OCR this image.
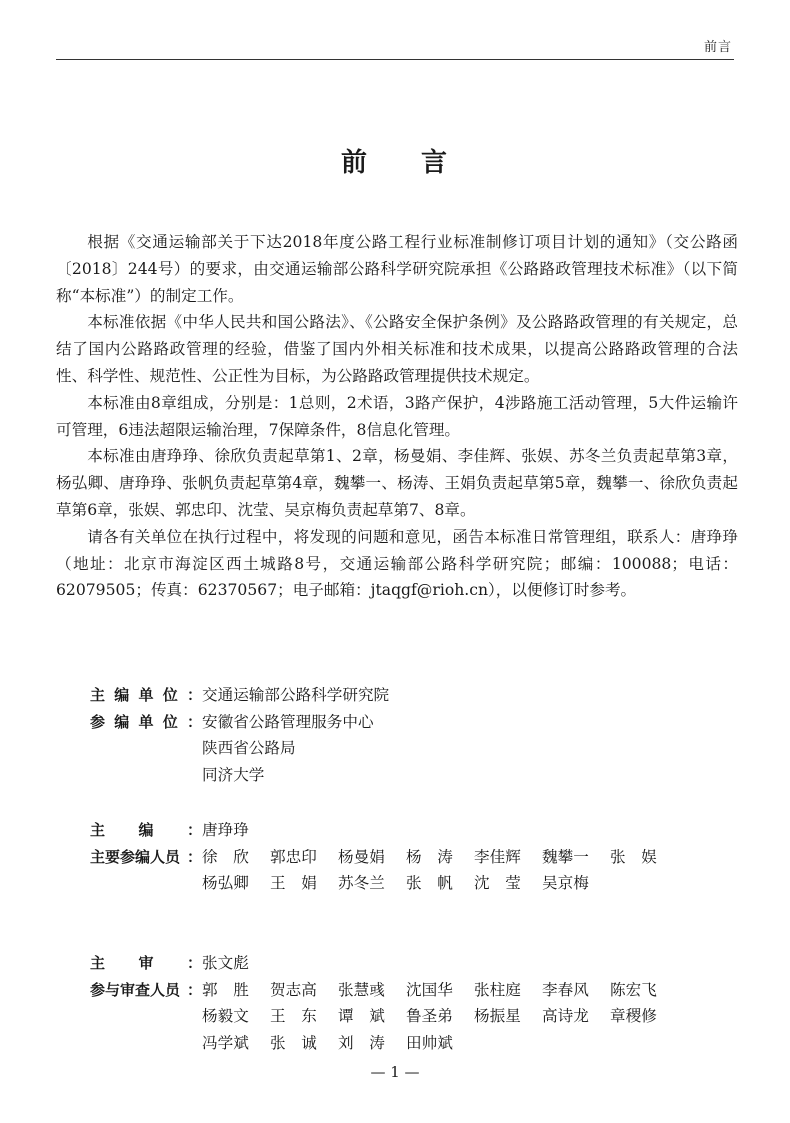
前言
前 言

根据《交通运输部关于下达2018年度公路工程行业标准制修订项目计划的通知》（交公路函〔2018〕244号）的要求，由交通运输部公路科学研究院承担《公路路政管理技术标准》（以下简称“本标准”）的制定工作。

本标准依据《中华人民共和国公路法》、《公路安全保护条例》及公路路政管理的有关规定，总结了国内公路路政管理的经验，借鉴了国内外相关标准和技术成果，以提高公路路政管理的合法性、科学性、规范性、公正性为目标，为公路路政管理提供技术规定。

本标准由8章组成，分别是：1总则，2术语，3路产保护，4涉路施工活动管理，5大件运输许可管理，6违法超限运输治理，7保障条件，8信息化管理。

本标准由唐琤琤、徐欣负责起草第1、2章，杨曼娟、李佳辉、张娱、苏冬兰负责起草第3章，杨弘卿、唐琤琤、张帆负责起草第4章，魏攀一、杨涛、王娟负责起草第5章，魏攀一、徐欣负责起草第6章，张娱、郭忠印、沈莹、吴京梅负责起草第7、8章。

请各有关单位在执行过程中，将发现的问题和意见，函告本标准日常管理组，联系人：唐琤琤（地址：北京市海淀区西土城路8号，交通运输部公路科学研究院；邮编：100088；电话：62079505；传真：62370567；电子邮箱：jtaqgf@rioh.cn），以便修订时参考。

主 编 单 位 ： 交通运输部公路科学研究院
参 编 单 位 ： 安徽省公路管理服务中心
陕西省公路局
同济大学
主 编 ： 唐琤琤
主要参编人员 ： 徐　欣	郭忠印	杨曼娟	杨　涛	李佳辉	魏攀一	张　娱
杨弘卿	王　娟	苏冬兰	张　帆	沈　莹	吴京梅
主 审 ： 张文彪
参与审查人员 ： 郭　胜	贺志高	张慧彧	沈国华	张柱庭	李春风	陈宏飞
杨毅文	王　东	谭　斌	鲁圣弟	杨振星	高诗龙	章稷修
冯学斌	张　诚	刘　涛	田帅斌
— 1 —
